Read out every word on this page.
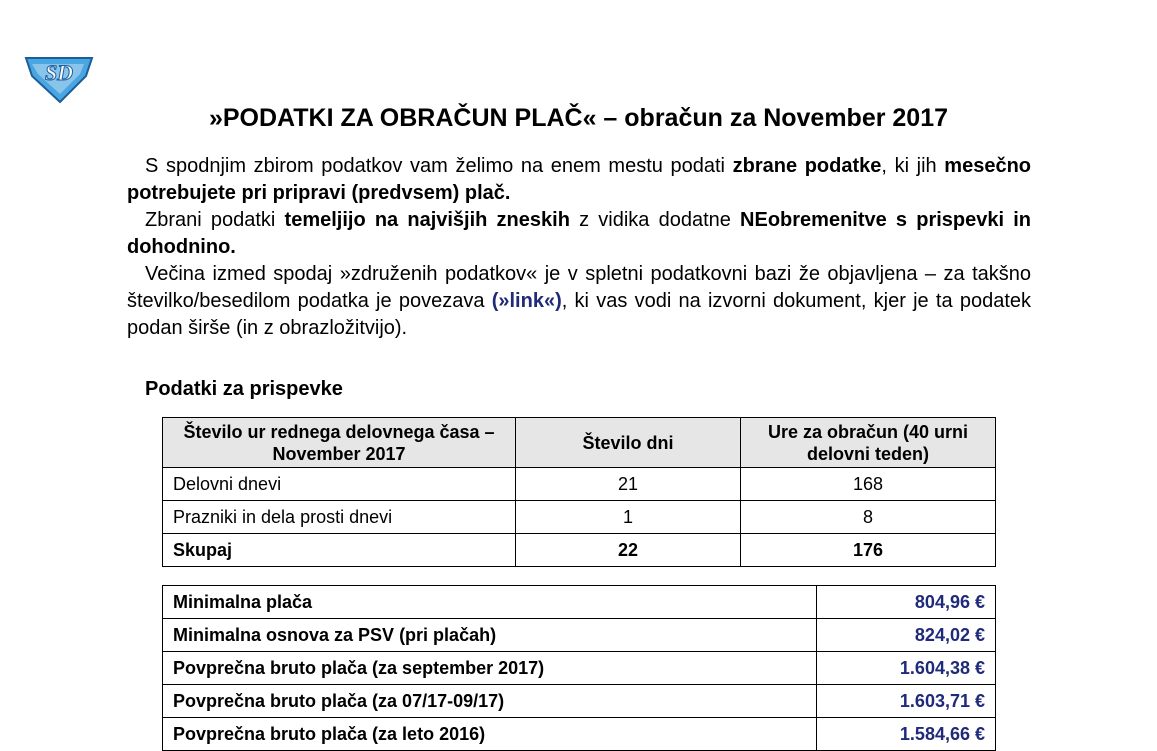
SD
»PODATKI ZA OBRAČUN PLAČ« – obračun za November 2017

S spodnjim zbirom podatkov vam želimo na enem mestu podati zbrane podatke, ki jih mesečno potrebujete pri pripravi (predvsem) plač.

Zbrani podatki temeljijo na najvišjih zneskih z vidika dodatne NEobremenitve s prispevki in dohodnino.

Večina izmed spodaj »združenih podatkov« je v spletni podatkovni bazi že objavljena – za takšno številko/besedilom podatka je povezava (»link«), ki vas vodi na izvorni dokument, kjer je ta podatek podan širše (in z obrazložitvijo).

Podatki za prispevke
Število ur rednega delovnega časa – November 2017	Število dni	Ure za obračun (40 urni delovni teden)
Delovni dnevi	21	168
Prazniki in dela prosti dnevi	1	8
Skupaj	22	176
Minimalna plača	804,96 €
Minimalna osnova za PSV (pri plačah)	824,02 €
Povprečna bruto plača (za september 2017)	1.604,38 €
Povprečna bruto plača (za 07/17-09/17)	1.603,71 €
Povprečna bruto plača (za leto 2016)	1.584,66 €
